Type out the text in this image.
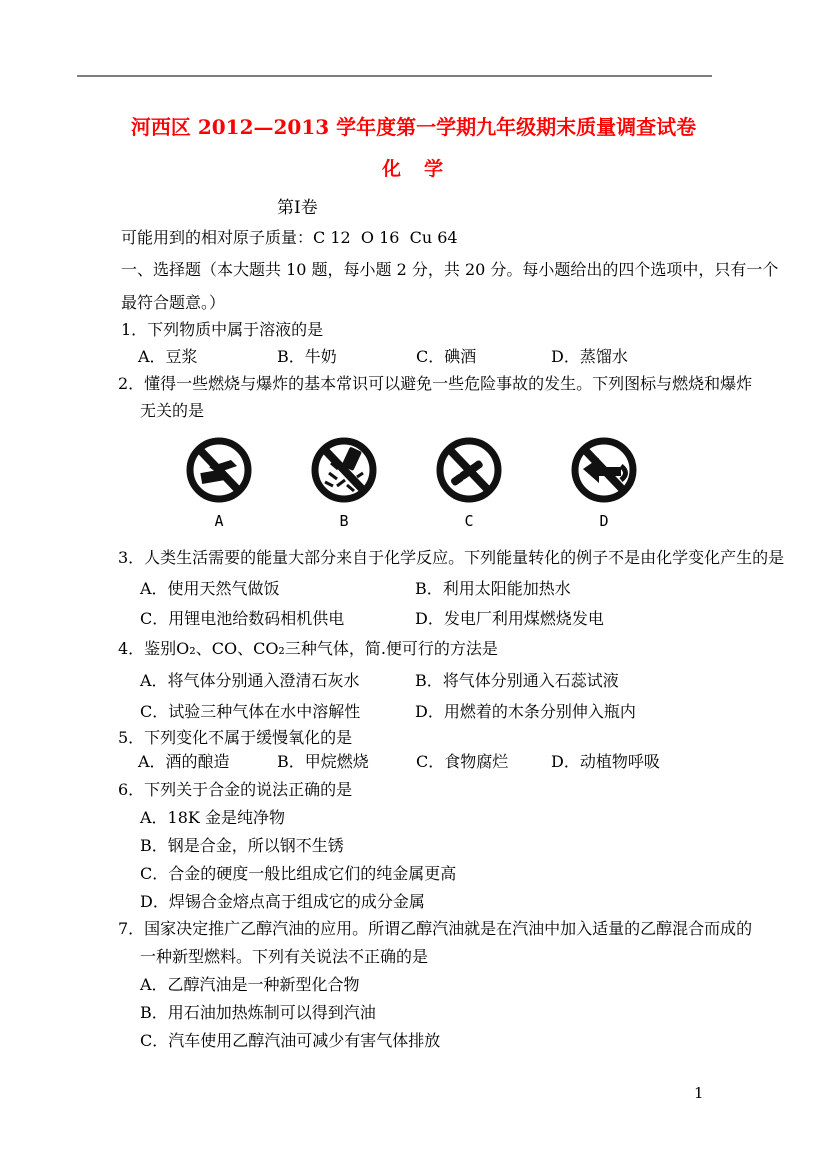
河西区 2012—2013 学年度第一学期九年级期末质量调查试卷
化　学
第Ⅰ卷
可能用到的相对原子质量：C 12  O 16  Cu 64
一、选择题（本大题共 10 题，每小题 2 分，共 20 分。每小题给出的四个选项中，只有一个
最符合题意。）
1．下列物质中属于溶液的是
A．豆浆	B．牛奶	C．碘酒	D．蒸馏水
2．懂得一些燃烧与爆炸的基本常识可以避免一些危险事故的发生。下列图标与燃烧和爆炸
无关的是
A	B	C	D
3．人类生活需要的能量大部分来自于化学反应。下列能量转化的例子不是由化学变化产生的是
A．使用天然气做饭	B．利用太阳能加热水
C．用锂电池给数码相机供电	D．发电厂利用煤燃烧发电
4．鉴别O₂、CO、CO₂三种气体，简.便可行的方法是
A．将气体分别通入澄清石灰水	B．将气体分别通入石蕊试液
C．试验三种气体在水中溶解性	D．用燃着的木条分别伸入瓶内
5．下列变化不属于缓慢氧化的是
A．酒的酿造	B．甲烷燃烧	C．食物腐烂	D．动植物呼吸
6．下列关于合金的说法正确的是
A．18K 金是纯净物
B．钢是合金，所以钢不生锈
C．合金的硬度一般比组成它们的纯金属更高
D．焊锡合金熔点高于组成它的成分金属
7．国家决定推广乙醇汽油的应用。所谓乙醇汽油就是在汽油中加入适量的乙醇混合而成的
一种新型燃料。下列有关说法不正确的是
A．乙醇汽油是一种新型化合物
B．用石油加热炼制可以得到汽油
C．汽车使用乙醇汽油可减少有害气体排放
1
